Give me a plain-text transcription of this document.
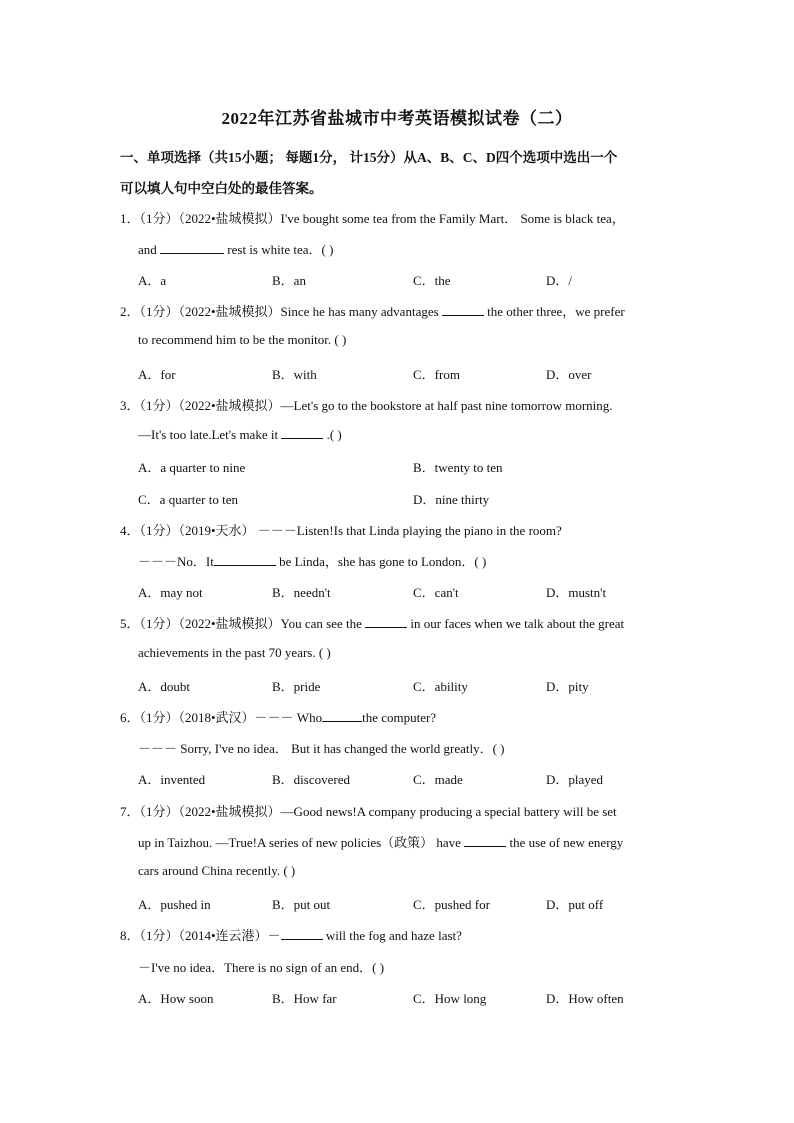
2022年江苏省盐城市中考英语模拟试卷（二）
一、单项选择（共15小题； 每题1分， 计15分）从A、B、C、D四个选项中选出一个
可以填人句中空白处的最佳答案。
1．（1分）（2022•盐城模拟）I've bought some tea from the Family Mart． Some is black tea，
and	rest is white tea．( )
A．a	B．an	C．the	D．/
2．（1分）（2022•盐城模拟）Since he has many advantages	the other three，we prefer
to recommend him to be the monitor. ( )
A．for	B．with	C．from	D．over
3．（1分）（2022•盐城模拟）—Let's go to the bookstore at half past nine tomorrow morning.
—It's too late.Let's make it	.( )
A．a quarter to nine	B．twenty to ten
C．a quarter to ten	D．nine thirty
4．（1分）（2019•天水） －－－Listen!Is that Linda playing the piano in the room?
－－－No．It	be Linda，she has gone to London．( )
A．may not	B．needn't	C．can't	D．mustn't
5．（1分）（2022•盐城模拟）You can see the	in our faces when we talk about the great
achievements in the past 70 years. ( )
A．doubt	B．pride	C．ability	D．pity
6．（1分）（2018•武汉）－－－ Who	the computer?
－－－ Sorry, I've no idea． But it has changed the world greatly．( )
A．invented	B．discovered	C．made	D．played
7．（1分）（2022•盐城模拟）—Good news!A company producing a special battery will be set
up in Taizhou. —True!A series of new policies（政策） have	the use of new energy
cars around China recently. ( )
A．pushed in	B．put out	C．pushed for	D．put off
8．（1分）（2014•连云港）－	will the fog and haze last?
－I've no idea．There is no sign of an end．( )
A．How soon	B．How far	C．How long	D．How often
